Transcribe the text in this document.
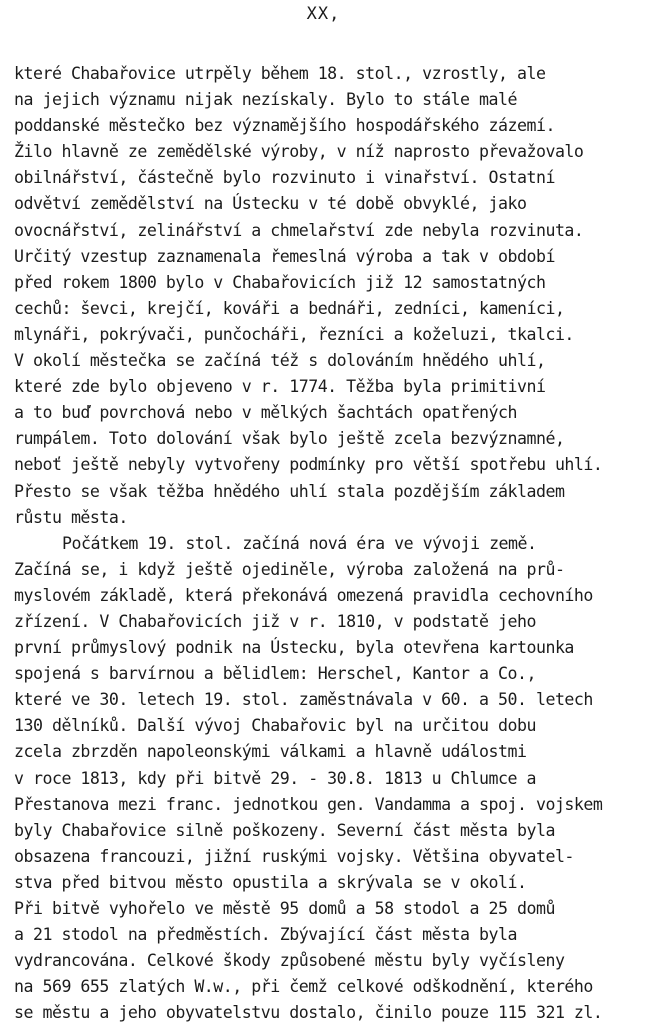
XX,
které Chabařovice utrpěly během 18. stol., vzrostly, ale
na jejich významu nijak nezískaly. Bylo to stále malé
poddanské městečko bez významějšího hospodářského zázemí.
Žilo hlavně ze zemědělské výroby, v níž naprosto převažovalo
obilnářství, částečně bylo rozvinuto i vinařství. Ostatní
odvětví zemědělství na Ústecku v té době obvyklé, jako
ovocnářství, zelinářství a chmelařství zde nebyla rozvinuta.
Určitý vzestup zaznamenala řemeslná výroba a tak v období
před rokem 1800 bylo v Chabařovicích již 12 samostatných
cechů: ševci, krejčí, kováři a bednáři, zedníci, kameníci,
mlynáři, pokrývači, punčocháři, řezníci a koželuzi, tkalci.
V okolí městečka se začíná též s dolováním hnědého uhlí,
které zde bylo objeveno v r. 1774. Těžba byla primitivní
a to buď povrchová nebo v mělkých šachtách opatřených
rumpálem. Toto dolování však bylo ještě zcela bezvýznamné,
neboť ještě nebyly vytvořeny podmínky pro větší spotřebu uhlí.
Přesto se však těžba hnědého uhlí stala pozdějším základem
růstu města.
Počátkem 19. stol. začíná nová éra ve vývoji země.
Začíná se, i když ještě ojediněle, výroba založená na prů-
myslovém základě, která překonává omezená pravidla cechovního
zřízení. V Chabařovicích již v r. 1810, v podstatě jeho
první průmyslový podnik na Ústecku, byla otevřena kartounka
spojená s barvírnou a bělidlem: Herschel, Kantor a Co.,
které ve 30. letech 19. stol. zaměstnávala v 60. a 50. letech
130 dělníků. Další vývoj Chabařovic byl na určitou dobu
zcela zbrzděn napoleonskými válkami a hlavně událostmi
v roce 1813, kdy při bitvě 29. - 30.8. 1813 u Chlumce a
Přestanova mezi franc. jednotkou gen. Vandamma a spoj. vojskem
byly Chabařovice silně poškozeny. Severní část města byla
obsazena francouzi, jižní ruskými vojsky. Většina obyvatel-
stva před bitvou město opustila a skrývala se v okolí.
Při bitvě vyhořelo ve městě 95 domů a 58 stodol a 25 domů
a 21 stodol na předměstích. Zbývající část města byla
vydrancována. Celkové škody způsobené městu byly vyčísleny
na 569 655 zlatých W.w., při čemž celkové odškodnění, kterého
se městu a jeho obyvatelstvu dostalo, činilo pouze 115 321 zl.
